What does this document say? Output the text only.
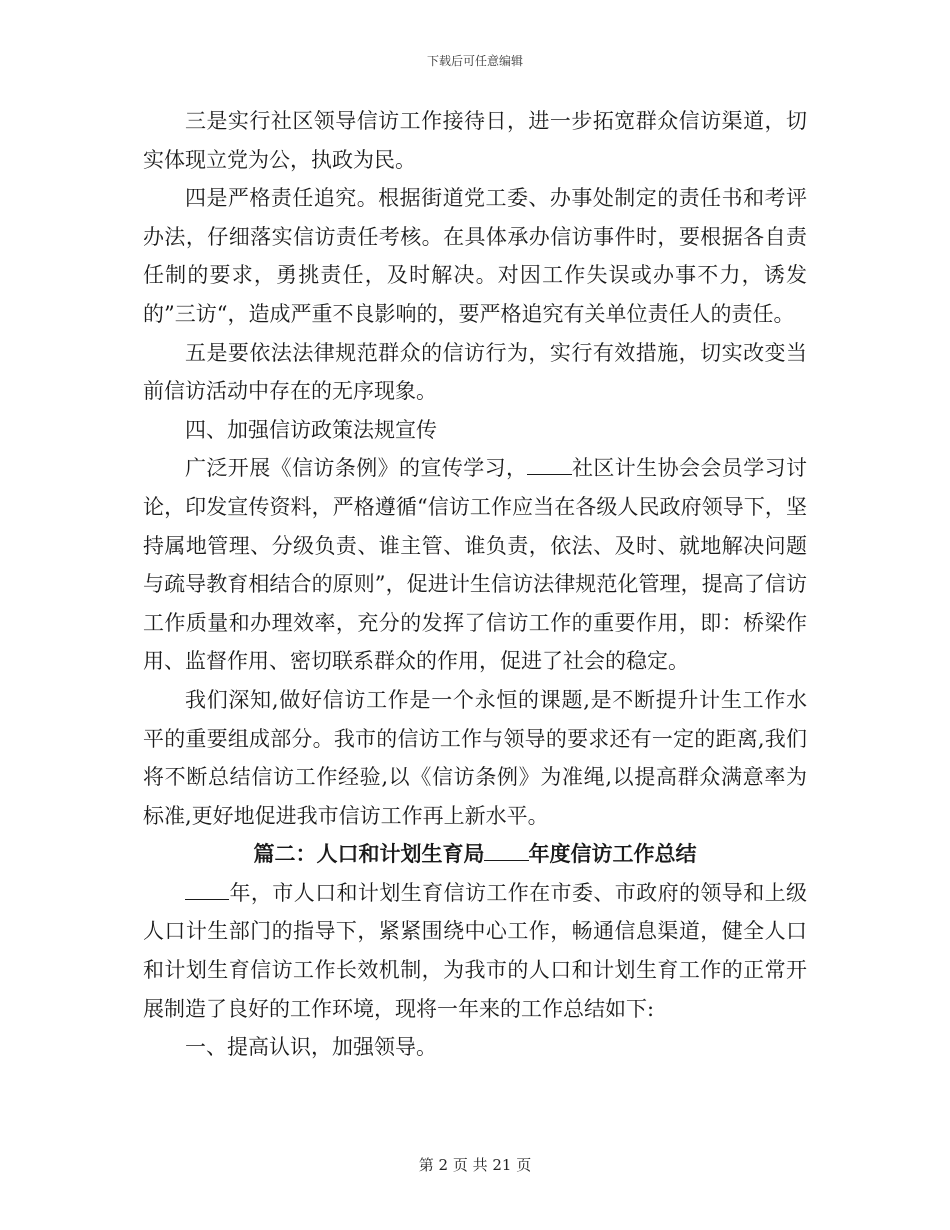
下载后可任意编辑

三是实行社区领导信访工作接待日，进一步拓宽群众信访渠道，切实体现立党为公，执政为民。

四是严格责任追究。根据街道党工委、办事处制定的责任书和考评办法，仔细落实信访责任考核。在具体承办信访事件时，要根据各自责任制的要求，勇挑责任，及时解决。对因工作失误或办事不力，诱发的”三访“，造成严重不良影响的，要严格追究有关单位责任人的责任。

五是要依法法律规范群众的信访行为，实行有效措施，切实改变当前信访活动中存在的无序现象。

四、加强信访政策法规宣传

广泛开展《信访条例》的宣传学习， 社区计生协会会员学习讨论，印发宣传资料，严格遵循“信访工作应当在各级人民政府领导下，坚持属地管理、分级负责、谁主管、谁负责，依法、及时、就地解决问题与疏导教育相结合的原则”，促进计生信访法律规范化管理，提高了信访工作质量和办理效率，充分的发挥了信访工作的重要作用，即：桥梁作用、监督作用、密切联系群众的作用，促进了社会的稳定。

我们深知,做好信访工作是一个永恒的课题,是不断提升计生工作水平的重要组成部分。我市的信访工作与领导的要求还有一定的距离,我们将不断总结信访工作经验,以《信访条例》为准绳,以提高群众满意率为标准,更好地促进我市信访工作再上新水平。

篇二：人口和计划生育局 年度信访工作总结

年，市人口和计划生育信访工作在市委、市政府的领导和上级人口计生部门的指导下，紧紧围绕中心工作，畅通信息渠道，健全人口和计划生育信访工作长效机制，为我市的人口和计划生育工作的正常开展制造了良好的工作环境，现将一年来的工作总结如下:

一、提高认识，加强领导。

第 2 页 共 21 页
